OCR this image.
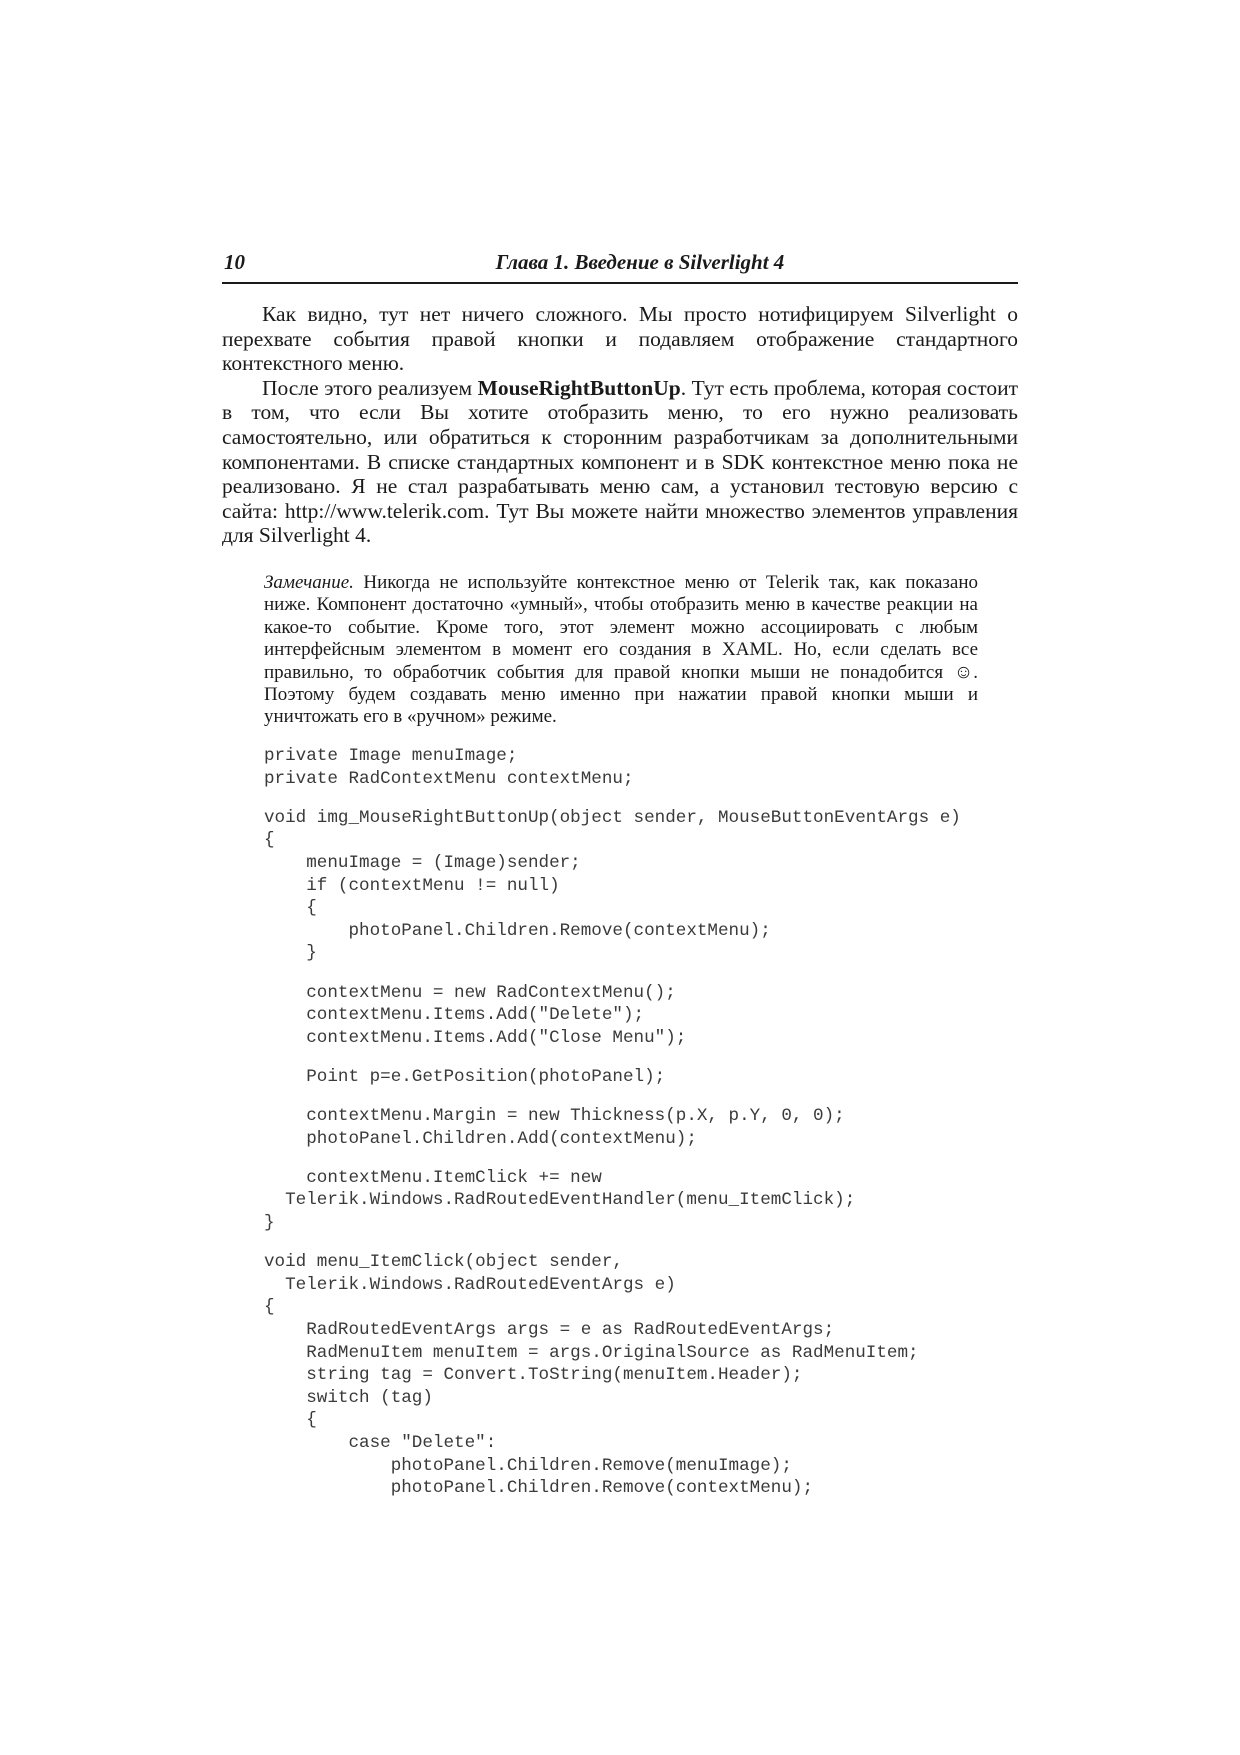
10	Глава 1. Введение в Silverlight 4

Как видно, тут нет ничего сложного. Мы просто нотифицируем Silverlight о перехвате события правой кнопки и подавляем отображение стандартного контекстного меню.

После этого реализуем MouseRightButtonUp. Тут есть проблема, которая состоит в том, что если Вы хотите отобразить меню, то его нужно реализовать самостоятельно, или обратиться к сторонним разработчикам за дополнительными компонентами. В списке стандартных компонент и в SDK контекстное меню пока не реализовано. Я не стал разрабатывать меню сам, а установил тестовую версию с сайта: http://www.telerik.com. Тут Вы можете найти множество элементов управления для Silverlight 4.

Замечание. Никогда не используйте контекстное меню от Telerik так, как показано ниже. Компонент достаточно «умный», чтобы отобразить меню в качестве реакции на какое-то событие. Кроме того, этот элемент можно ассоциировать с любым интерфейсным элементом в момент его создания в XAML. Но, если сделать все правильно, то обработчик события для правой кнопки мыши не понадобится ☺. Поэтому будем создавать меню именно при нажатии правой кнопки мыши и уничтожать его в «ручном» режиме.
private Image menuImage;
private RadContextMenu contextMenu;
void img_MouseRightButtonUp(object sender, MouseButtonEventArgs e)
{
menuImage = (Image)sender;
if (contextMenu != null)
{
photoPanel.Children.Remove(contextMenu);
}
contextMenu = new RadContextMenu();
contextMenu.Items.Add("Delete");
contextMenu.Items.Add("Close Menu");
Point p=e.GetPosition(photoPanel);
contextMenu.Margin = new Thickness(p.X, p.Y, 0, 0);
photoPanel.Children.Add(contextMenu);
contextMenu.ItemClick += new
Telerik.Windows.RadRoutedEventHandler(menu_ItemClick);
}
void menu_ItemClick(object sender,
Telerik.Windows.RadRoutedEventArgs e)
{
RadRoutedEventArgs args = e as RadRoutedEventArgs;
RadMenuItem menuItem = args.OriginalSource as RadMenuItem;
string tag = Convert.ToString(menuItem.Header);
switch (tag)
{
case "Delete":
photoPanel.Children.Remove(menuImage);
photoPanel.Children.Remove(contextMenu);
